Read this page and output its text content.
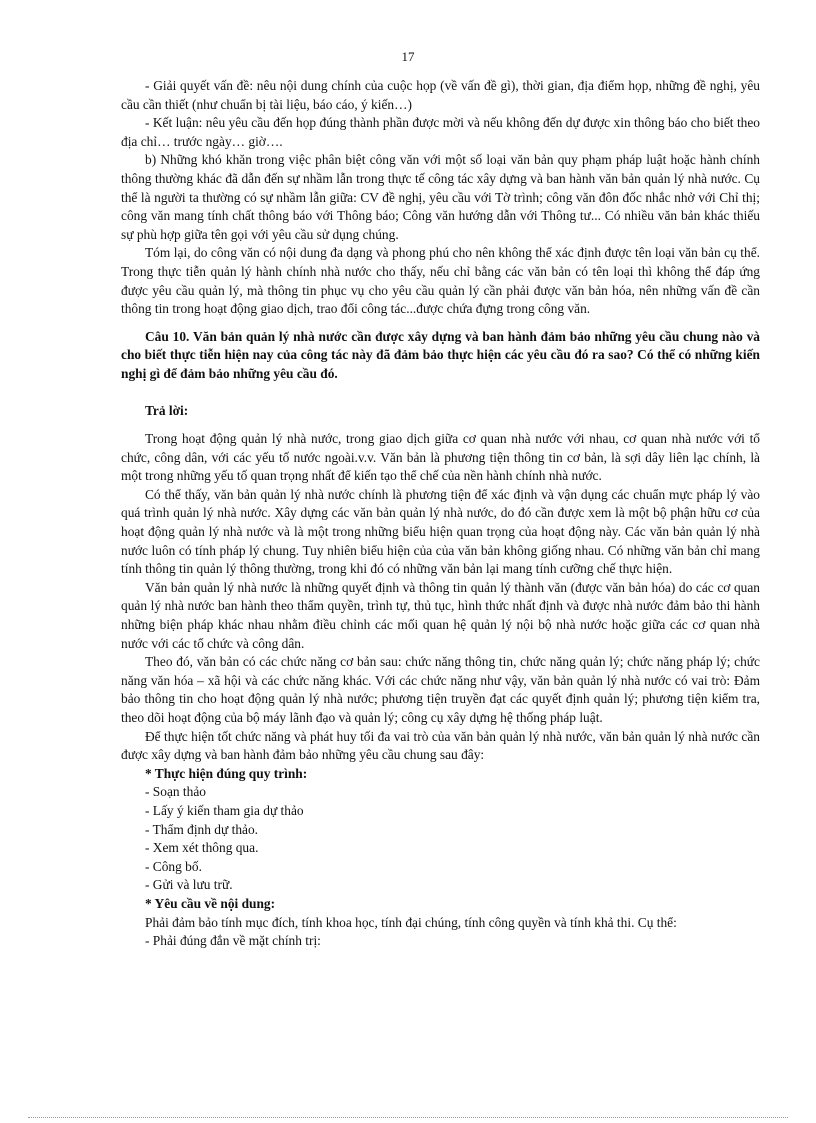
17

- Giải quyết vấn đề: nêu nội dung chính của cuộc họp (về vấn đề gì), thời gian, địa điểm họp, những đề nghị, yêu cầu cần thiết (như chuẩn bị tài liệu, báo cáo, ý kiến…)

- Kết luận: nêu yêu cầu đến họp đúng thành phần được mời và nếu không đến dự được xin thông báo cho biết theo địa chỉ… trước ngày… giờ….

b) Những khó khăn trong việc phân biệt công văn với một số loại văn bản quy phạm pháp luật hoặc hành chính thông thường khác đã dẫn đến sự nhầm lẫn trong thực tế công tác xây dựng và ban hành văn bản quản lý nhà nước. Cụ thể là người ta thường có sự nhầm lẫn giữa: CV đề nghị, yêu cầu với Tờ trình; công văn đôn đốc nhắc nhở với Chỉ thị; công văn mang tính chất thông báo với Thông báo; Công văn hướng dẫn với Thông tư... Có nhiều văn bản khác thiếu sự phù hợp giữa tên gọi với yêu cầu sử dụng chúng.

Tóm lại, do công văn có nội dung đa dạng và phong phú cho nên không thể xác định được tên loại văn bản cụ thể. Trong thực tiễn quản lý hành chính nhà nước cho thấy, nếu chỉ bằng các văn bản có tên loại thì không thể đáp ứng được yêu cầu quản lý, mà thông tin phục vụ cho yêu cầu quản lý cần phải được văn bản hóa, nên những vấn đề cần thông tin trong hoạt động giao dịch, trao đổi công tác...được chứa đựng trong công văn.

Câu 10. Văn bản quản lý nhà nước cần được xây dựng và ban hành đảm bảo những yêu cầu chung nào và cho biết thực tiễn hiện nay của công tác này đã đảm bảo thực hiện các yêu cầu đó ra sao? Có thể có những kiến nghị gì để đảm bảo những yêu cầu đó.

Trả lời:

Trong hoạt động quản lý nhà nước, trong giao dịch giữa cơ quan nhà nước với nhau, cơ quan nhà nước với tổ chức, công dân, với các yếu tố nước ngoài.v.v. Văn bản là phương tiện thông tin cơ bản, là sợi dây liên lạc chính, là một trong những yếu tố quan trọng nhất để kiến tạo thể chế của nền hành chính nhà nước.

Có thể thấy, văn bản quản lý nhà nước chính là phương tiện để xác định và vận dụng các chuẩn mực pháp lý vào quá trình quản lý nhà nước. Xây dựng các văn bản quản lý nhà nước, do đó cần được xem là một bộ phận hữu cơ của hoạt động quản lý nhà nước và là một trong những biểu hiện quan trọng của hoạt động này. Các văn bản quản lý nhà nước luôn có tính pháp lý chung. Tuy nhiên biểu hiện của của văn bản không giống nhau. Có những văn bản chỉ mang tính thông tin quản lý thông thường, trong khi đó có những văn bản lại mang tính cưỡng chế thực hiện.

Văn bản quản lý nhà nước là những quyết định và thông tin quản lý thành văn (được văn bản hóa) do các cơ quan quản lý nhà nước ban hành theo thẩm quyền, trình tự, thủ tục, hình thức nhất định và được nhà nước đảm bảo thi hành những biện pháp khác nhau nhằm điều chỉnh các mối quan hệ quản lý nội bộ nhà nước hoặc giữa các cơ quan nhà nước với các tổ chức và công dân.

Theo đó, văn bản có các chức năng cơ bản sau: chức năng thông tin, chức năng quản lý; chức năng pháp lý; chức năng văn hóa – xã hội và các chức năng khác. Với các chức năng như vậy, văn bản quản lý nhà nước có vai trò: Đảm bảo thông tin cho hoạt động quản lý nhà nước; phương tiện truyền đạt các quyết định quản lý; phương tiện kiểm tra, theo dõi hoạt động của bộ máy lãnh đạo và quản lý; công cụ xây dựng hệ thống pháp luật.

Để thực hiện tốt chức năng và phát huy tối đa vai trò của văn bản quản lý nhà nước, văn bản quản lý nhà nước cần được xây dựng và ban hành đảm bảo những yêu cầu chung sau đây:

* Thực hiện đúng quy trình:

- Soạn thảo

- Lấy ý kiến tham gia dự thảo

- Thẩm định dự thảo.

- Xem xét thông qua.

- Công bố.

- Gửi và lưu trữ.

* Yêu cầu về nội dung:

Phải đảm bảo tính mục đích, tính khoa học, tính đại chúng, tính công quyền và tính khả thi. Cụ thể:

- Phải đúng đắn về mặt chính trị:
